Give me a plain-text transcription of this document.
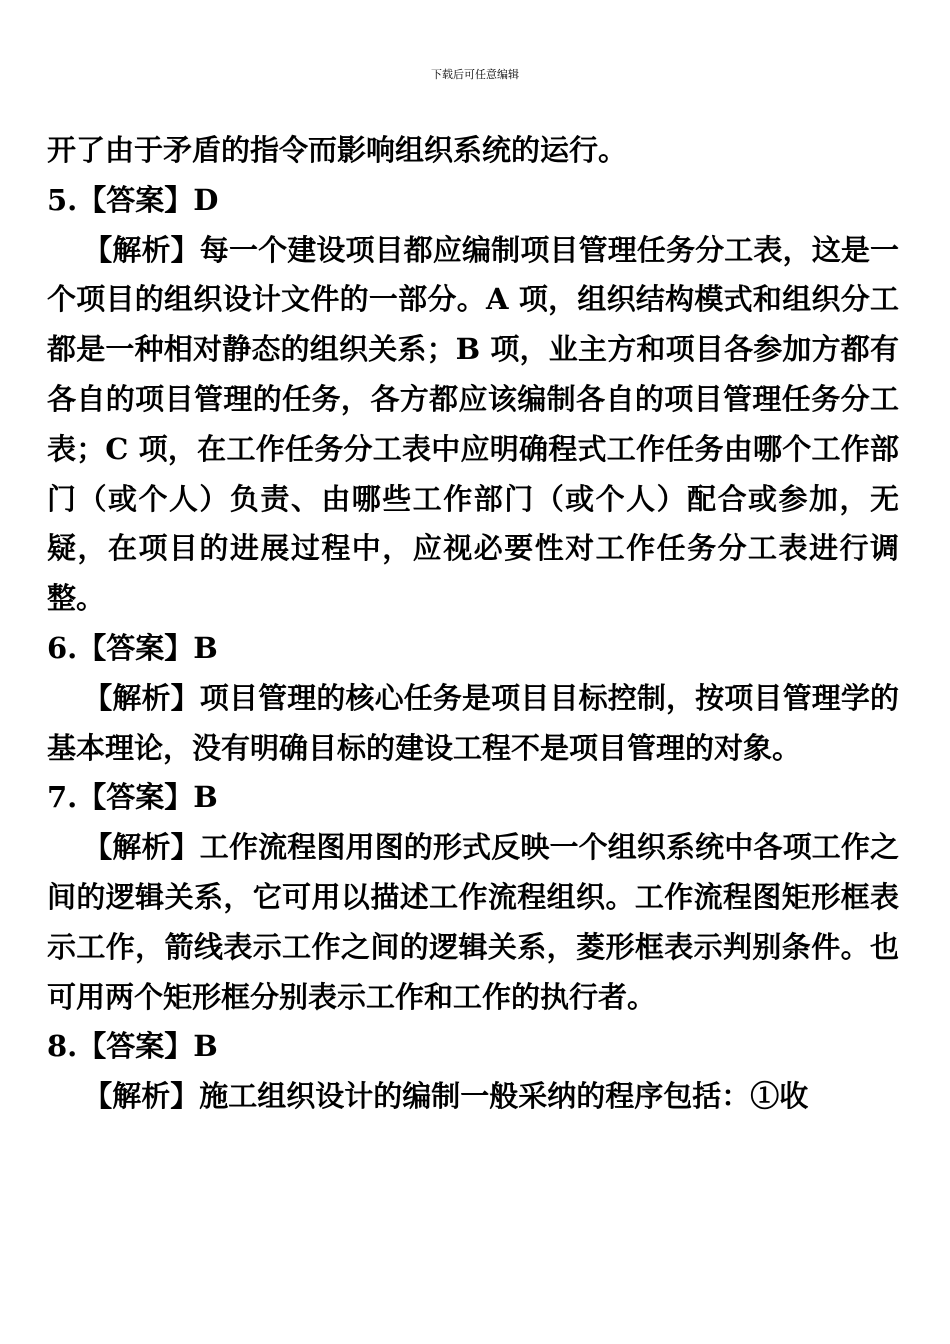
下载后可任意编辑

开了由于矛盾的指令而影响组织系统的运行。

5.【答案】D

【解析】每一个建设项目都应编制项目管理任务分工表，这是一个项目的组织设计文件的一部分。A 项，组织结构模式和组织分工都是一种相对静态的组织关系；B 项，业主方和项目各参加方都有各自的项目管理的任务，各方都应该编制各自的项目管理任务分工表；C 项，在工作任务分工表中应明确程式工作任务由哪个工作部门（或个人）负责、由哪些工作部门（或个人）配合或参加，无疑，在项目的进展过程中，应视必要性对工作任务分工表进行调整。

6.【答案】B

【解析】项目管理的核心任务是项目目标控制，按项目管理学的基本理论，没有明确目标的建设工程不是项目管理的对象。

7.【答案】B

【解析】工作流程图用图的形式反映一个组织系统中各项工作之间的逻辑关系，它可用以描述工作流程组织。工作流程图矩形框表示工作，箭线表示工作之间的逻辑关系，菱形框表示判别条件。也可用两个矩形框分别表示工作和工作的执行者。

8.【答案】B

【解析】施工组织设计的编制一般采纳的程序包括：①收
